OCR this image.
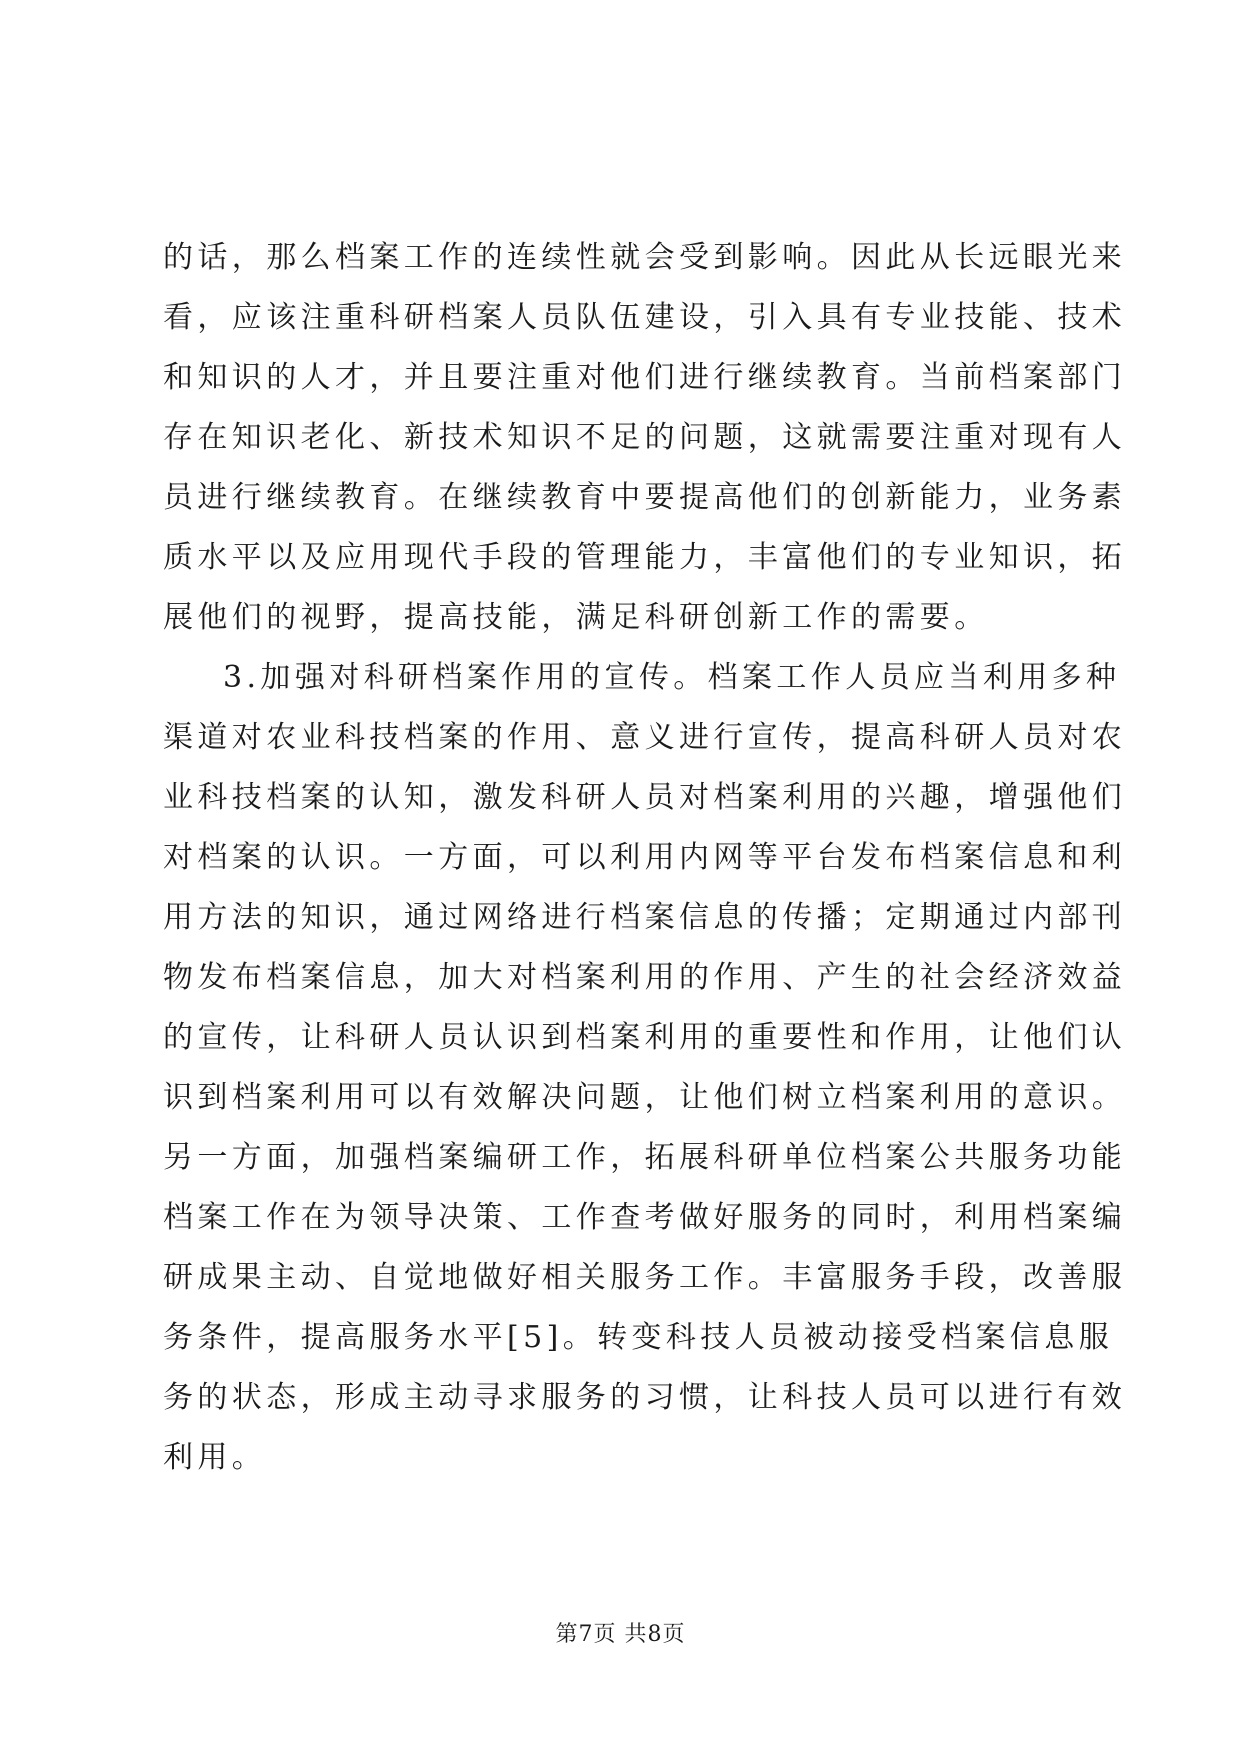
的话，那么档案工作的连续性就会受到影响。因此从长远眼光来
看，应该注重科研档案人员队伍建设，引入具有专业技能、技术
和知识的人才，并且要注重对他们进行继续教育。当前档案部门
存在知识老化、新技术知识不足的问题，这就需要注重对现有人
员进行继续教育。在继续教育中要提高他们的创新能力，业务素
质水平以及应用现代手段的管理能力，丰富他们的专业知识，拓
展他们的视野，提高技能，满足科研创新工作的需要。
3.加强对科研档案作用的宣传。档案工作人员应当利用多种
渠道对农业科技档案的作用、意义进行宣传，提高科研人员对农
业科技档案的认知，激发科研人员对档案利用的兴趣，增强他们
对档案的认识。一方面，可以利用内网等平台发布档案信息和利
用方法的知识，通过网络进行档案信息的传播；定期通过内部刊
物发布档案信息，加大对档案利用的作用、产生的社会经济效益
的宣传，让科研人员认识到档案利用的重要性和作用，让他们认
识到档案利用可以有效解决问题，让他们树立档案利用的意识。
另一方面，加强档案编研工作，拓展科研单位档案公共服务功能
档案工作在为领导决策、工作查考做好服务的同时，利用档案编
研成果主动、自觉地做好相关服务工作。丰富服务手段，改善服
务条件，提高服务水平[5]。转变科技人员被动接受档案信息服
务的状态，形成主动寻求服务的习惯，让科技人员可以进行有效
利用。
第7页 共8页
